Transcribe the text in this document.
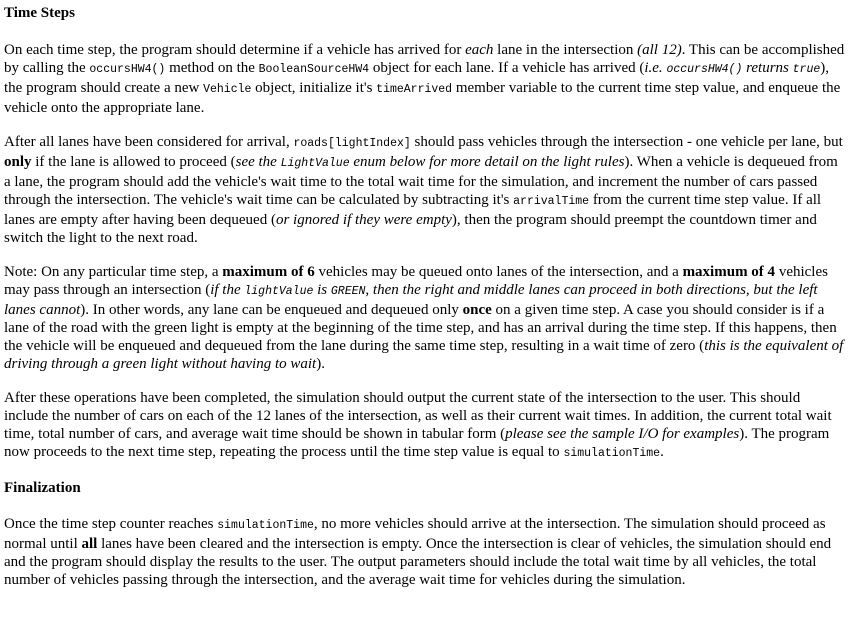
Time Steps

On each time step, the program should determine if a vehicle has arrived for each lane in the intersection (all 12). This can be accomplished by calling the occursHW4() method on the BooleanSourceHW4 object for each lane. If a vehicle has arrived (i.e. occursHW4() returns true), the program should create a new Vehicle object, initialize it's timeArrived member variable to the current time step value, and enqueue the vehicle onto the appropriate lane.

After all lanes have been considered for arrival, roads[lightIndex] should pass vehicles through the intersection - one vehicle per lane, but only if the lane is allowed to proceed (see the LightValue enum below for more detail on the light rules). When a vehicle is dequeued from a lane, the program should add the vehicle's wait time to the total wait time for the simulation, and increment the number of cars passed through the intersection. The vehicle's wait time can be calculated by subtracting it's arrivalTime from the current time step value. If all lanes are empty after having been dequeued (or ignored if they were empty), then the program should preempt the countdown timer and switch the light to the next road.

Note: On any particular time step, a maximum of 6 vehicles may be queued onto lanes of the intersection, and a maximum of 4 vehicles may pass through an intersection (if the lightValue is GREEN, then the right and middle lanes can proceed in both directions, but the left lanes cannot). In other words, any lane can be enqueued and dequeued only once on a given time step. A case you should consider is if a lane of the road with the green light is empty at the beginning of the time step, and has an arrival during the time step. If this happens, then the vehicle will be enqueued and dequeued from the lane during the same time step, resulting in a wait time of zero (this is the equivalent of driving through a green light without having to wait).

After these operations have been completed, the simulation should output the current state of the intersection to the user. This should include the number of cars on each of the 12 lanes of the intersection, as well as their current wait times. In addition, the current total wait time, total number of cars, and average wait time should be shown in tabular form (please see the sample I/O for examples). The program now proceeds to the next time step, repeating the process until the time step value is equal to simulationTime.

Finalization

Once the time step counter reaches simulationTime, no more vehicles should arrive at the intersection. The simulation should proceed as normal until all lanes have been cleared and the intersection is empty. Once the intersection is clear of vehicles, the simulation should end and the program should display the results to the user. The output parameters should include the total wait time by all vehicles, the total number of vehicles passing through the intersection, and the average wait time for vehicles during the simulation.
